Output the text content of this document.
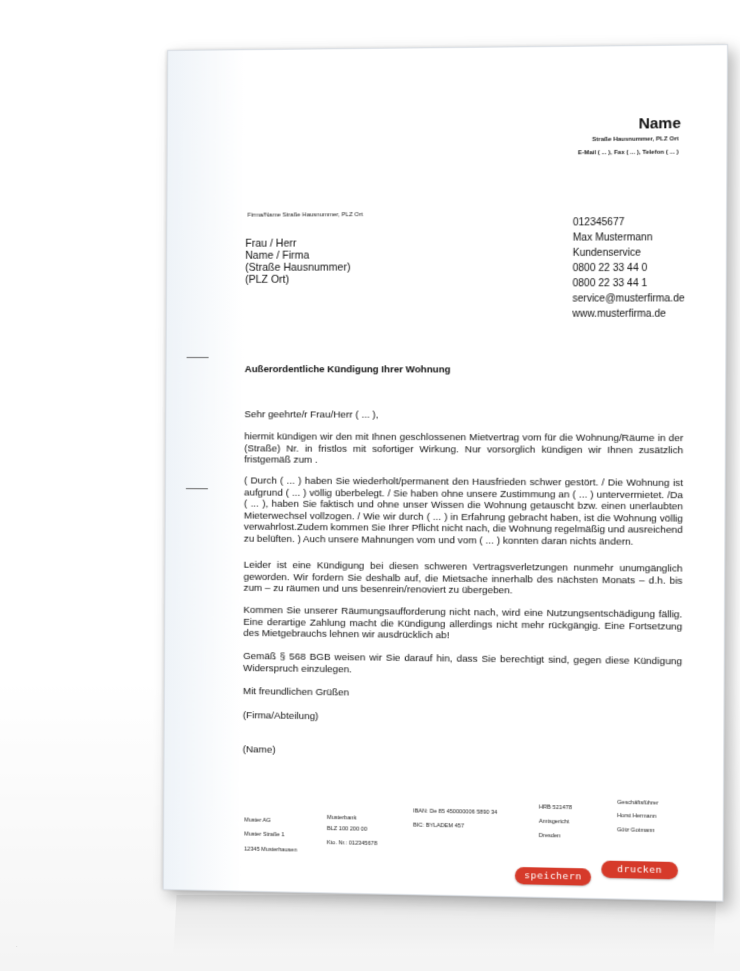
Name
Straße Hausnummer, PLZ Ort
E-Mail ( ... ), Fax ( ... ), Telefon ( ... )
Firma/Name Straße Hausnummer, PLZ Ort
Frau / Herr
Name / Firma
(Straße Hausnummer)
(PLZ Ort)
012345677
Max Mustermann
Kundenservice
0800 22 33 44 0
0800 22 33 44 1
service@musterfirma.de
www.musterfirma.de
Außerordentliche Kündigung Ihrer Wohnung
Sehr geehrte/r Frau/Herr ( ... ),
hiermit kündigen wir den mit Ihnen geschlossenen Mietvertrag vom für die Wohnung/Räume in der (Straße) Nr. in fristlos mit sofortiger Wirkung. Nur vorsorglich kündigen wir Ihnen zusätzlich fristgemäß zum .
( Durch ( ... ) haben Sie wiederholt/permanent den Hausfrieden schwer gestört. / Die Wohnung ist aufgrund ( ... ) völlig überbelegt. / Sie haben ohne unsere Zustimmung an ( ... ) untervermietet. /Da ( ... ), haben Sie faktisch und ohne unser Wissen die Wohnung getauscht bzw. einen unerlaubten Mieterwechsel vollzogen. / Wie wir durch ( ... ) in Erfahrung gebracht haben, ist die Wohnung völlig verwahrlost.Zudem kommen Sie Ihrer Pflicht nicht nach, die Wohnung regelmäßig und ausreichend zu belüften. ) Auch unsere Mahnungen vom und vom ( ... ) konnten daran nichts ändern.
Leider ist eine Kündigung bei diesen schweren Vertragsverletzungen nunmehr unumgänglich geworden. Wir fordern Sie deshalb auf, die Mietsache innerhalb des nächsten Monats – d.h. bis zum – zu räumen und uns besenrein/renoviert zu übergeben.
Kommen Sie unserer Räumungsaufforderung nicht nach, wird eine Nutzungsentschädigung fällig. Eine derartige Zahlung macht die Kündigung allerdings nicht mehr rückgängig. Eine Fortsetzung des Mietgebrauchs lehnen wir ausdrücklich ab!
Gemäß § 568 BGB weisen wir Sie darauf hin, dass Sie berechtigt sind, gegen diese Kündigung Widerspruch einzulegen.
Mit freundlichen Grüßen
(Firma/Abteilung)
(Name)
Muster AG
Muster Straße 1
12345 Musterhausen
Musterbank
BLZ 100 200 00
Kto. Nr.: 012345678
IBAN: De 85 450000006 5890 34
BIC: BYLADEM 457
HRB 521478
Amtsgericht
Dresden
Geschäftsführer
Horst Hermann
Götz Gotmann
speichern
drucken
·
